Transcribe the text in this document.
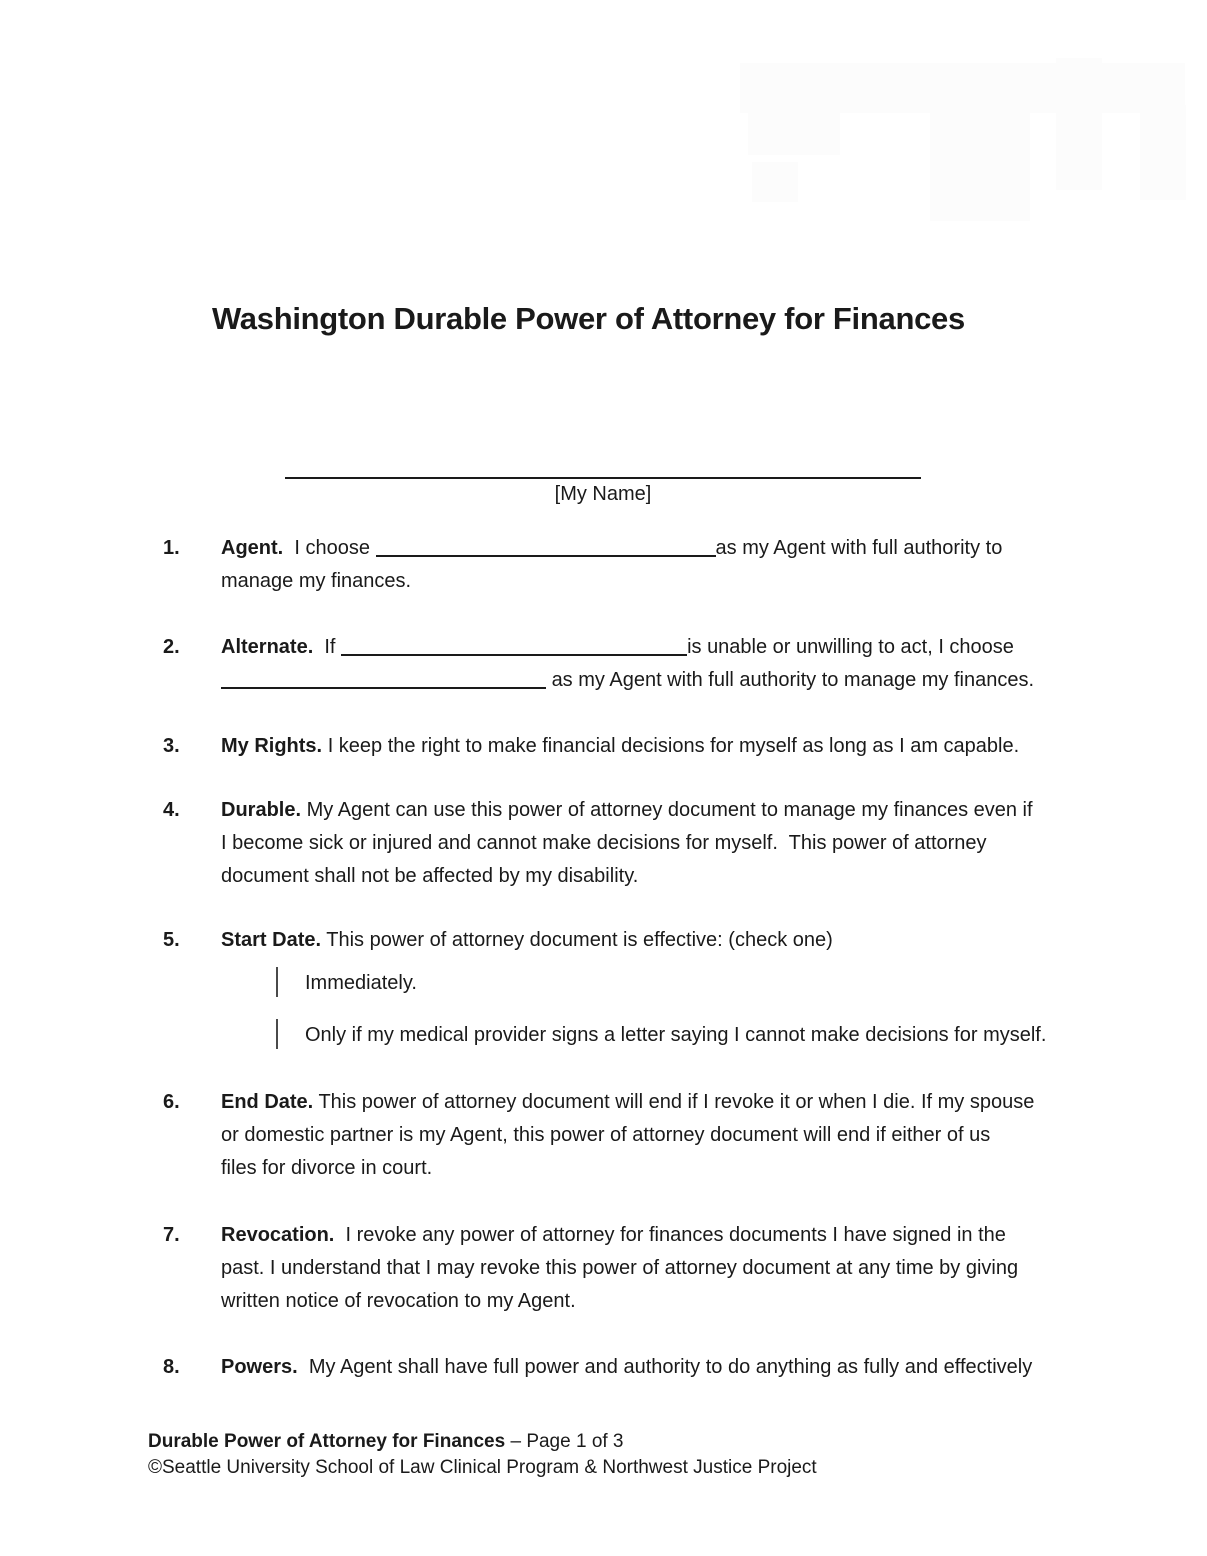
Washington Durable Power of Attorney for Finances
[My Name]
1. Agent. I choose	as my Agent with full authority to
manage my finances.
2. Alternate. If	is unable or unwilling to act, I choose
as my Agent with full authority to manage my finances.
3. My Rights. I keep the right to make financial decisions for myself as long as I am capable.
4. Durable. My Agent can use this power of attorney document to manage my finances even if
I become sick or injured and cannot make decisions for myself.  This power of attorney
document shall not be affected by my disability.
5. Start Date. This power of attorney document is effective: (check one)
Immediately.
Only if my medical provider signs a letter saying I cannot make decisions for myself.
6. End Date. This power of attorney document will end if I revoke it or when I die. If my spouse
or domestic partner is my Agent, this power of attorney document will end if either of us
files for divorce in court.
7. Revocation. I revoke any power of attorney for finances documents I have signed in the
past. I understand that I may revoke this power of attorney document at any time by giving
written notice of revocation to my Agent.
8. Powers. My Agent shall have full power and authority to do anything as fully and effectively
Durable Power of Attorney for Finances – Page 1 of 3
©Seattle University School of Law Clinical Program & Northwest Justice Project
